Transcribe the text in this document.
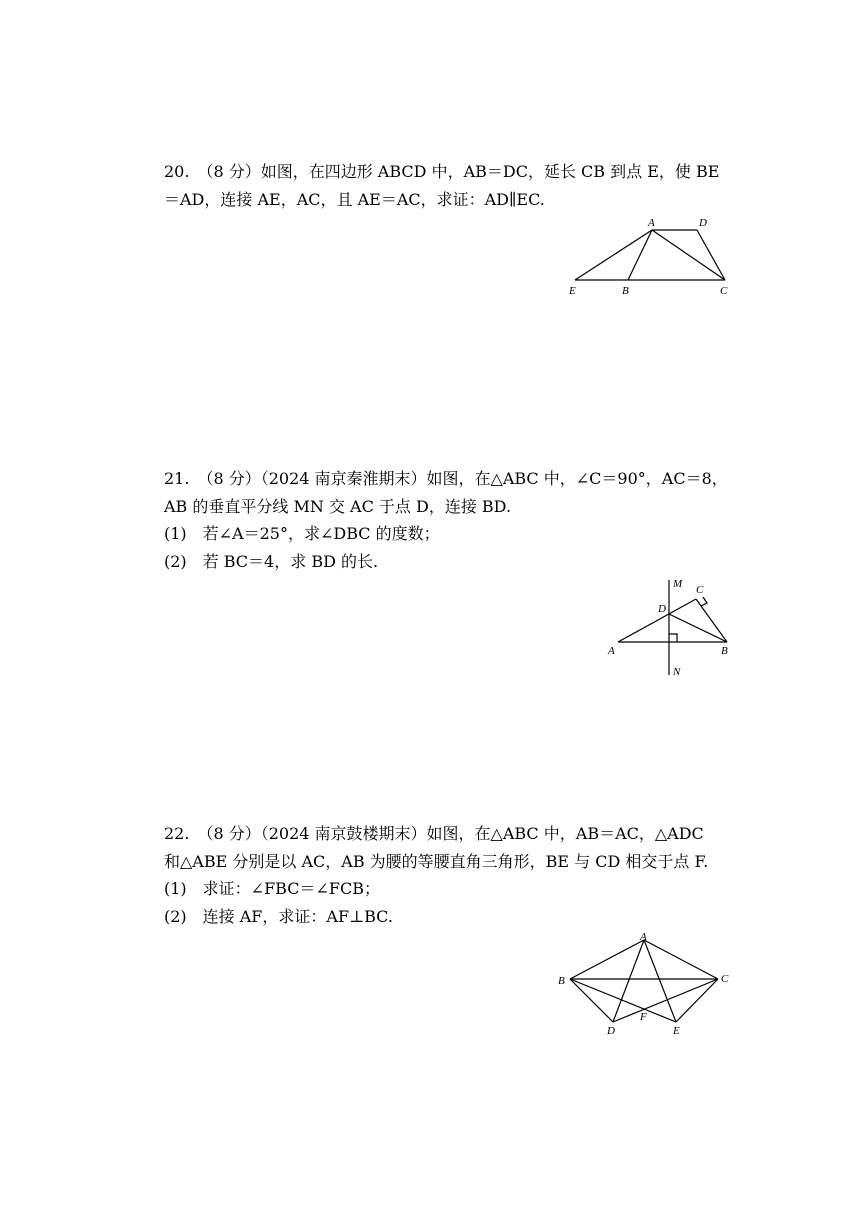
20.　（8 分）如图，在四边形 ABCD 中，AB＝DC，延长 CB 到点 E，使 BE
＝AD，连接 AE，AC，且 AE＝AC，求证：AD∥EC.
A	D
E	B	C
21.　（8 分）（2024 南京秦淮期末）如图，在△ABC 中，∠C＝90°，AC＝8，
AB 的垂直平分线 MN 交 AC 于点 D，连接 BD.
(1)　若∠A＝25°，求∠DBC 的度数；
(2)　若 BC＝4，求 BD 的长.
M C
D
A	B
N
22.　（8 分）（2024 南京鼓楼期末）如图，在△ABC 中，AB＝AC，△ADC
和△ABE 分别是以 AC，AB 为腰的等腰直角三角形，BE 与 CD 相交于点 F.
(1)　求证：∠FBC＝∠FCB；
(2)　连接 AF，求证：AF⊥BC.
A
B	C
D
F
E
